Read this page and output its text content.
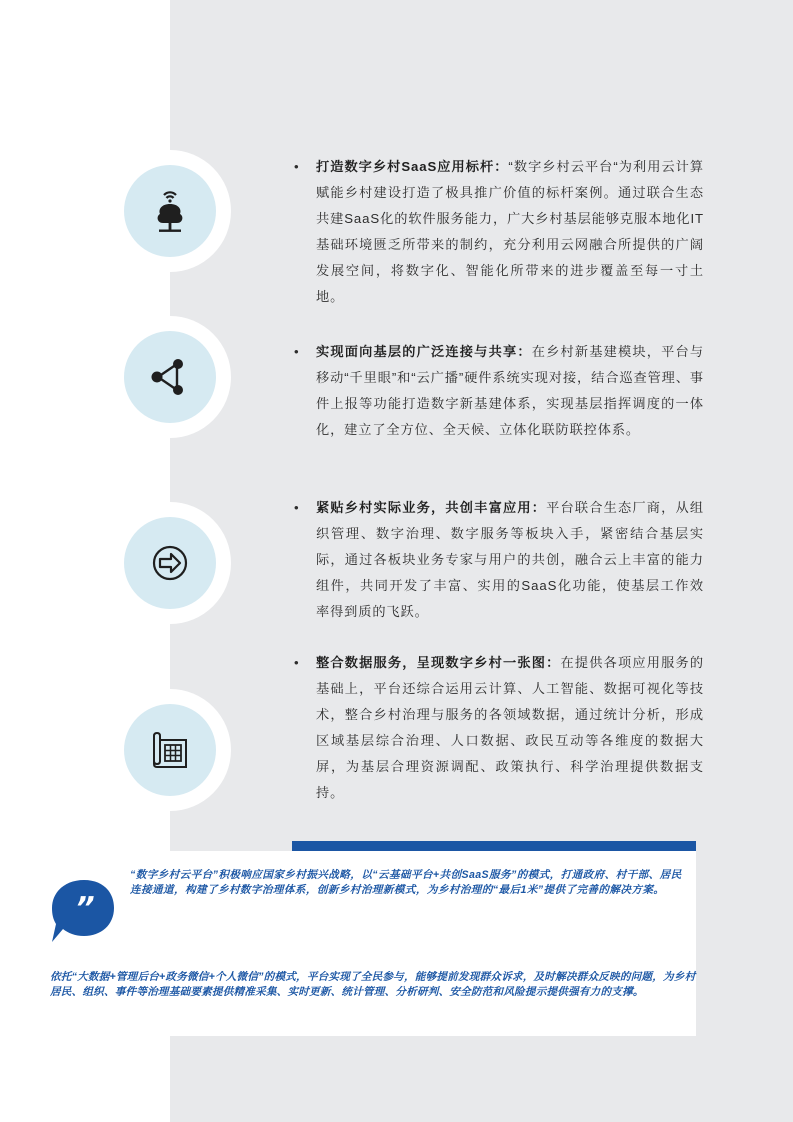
• 打造数字乡村SaaS应用标杆：“数字乡村云平台“为利用云计算赋能乡村建设打造了极具推广价值的标杆案例。通过联合生态共建SaaS化的软件服务能力，广大乡村基层能够克服本地化IT基础环境匮乏所带来的制约，充分利用云网融合所提供的广阔发展空间，将数字化、智能化所带来的进步覆盖至每一寸土地。

• 实现面向基层的广泛连接与共享：在乡村新基建模块，平台与移动“千里眼”和“云广播”硬件系统实现对接，结合巡查管理、事件上报等功能打造数字新基建体系，实现基层指挥调度的一体化，建立了全方位、全天候、立体化联防联控体系。

• 紧贴乡村实际业务，共创丰富应用：平台联合生态厂商，从组织管理、数字治理、数字服务等板块入手，紧密结合基层实际，通过各板块业务专家与用户的共创，融合云上丰富的能力组件，共同开发了丰富、实用的SaaS化功能，使基层工作效率得到质的飞跃。

• 整合数据服务，呈现数字乡村一张图：在提供各项应用服务的基础上，平台还综合运用云计算、人工智能、数据可视化等技术，整合乡村治理与服务的各领域数据，通过统计分析，形成区域基层综合治理、人口数据、政民互动等各维度的数据大屏，为基层合理资源调配、政策执行、科学治理提供数据支持。

”

“数字乡村云平台”积极响应国家乡村振兴战略，以“云基础平台+共创SaaS服务”的模式，打通政府、村干部、居民连接通道，构建了乡村数字治理体系，创新乡村治理新模式，为乡村治理的“最后1米”提供了完善的解决方案。

依托“大数据+管理后台+政务微信+个人微信”的模式，平台实现了全民参与，能够提前发现群众诉求，及时解决群众反映的问题，为乡村居民、组织、事件等治理基础要素提供精准采集、实时更新、统计管理、分析研判、安全防范和风险提示提供强有力的支撑。
